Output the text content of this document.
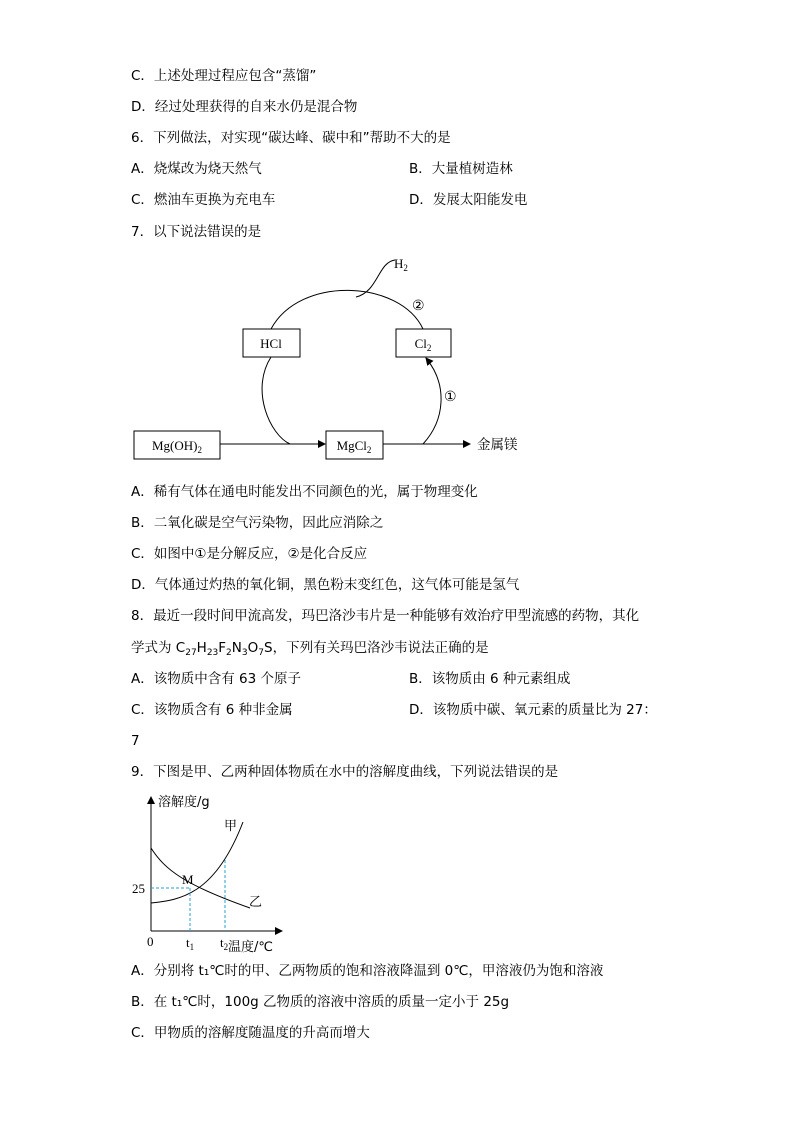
C．上述处理过程应包含“蒸馏”
D．经过处理获得的自来水仍是混合物
6．下列做法，对实现“碳达峰、碳中和”帮助不大的是
A．烧煤改为烧天然气	B．大量植树造林
C．燃油车更换为充电车	D．发展太阳能发电
7．以下说法错误的是
HCl	$Cl_2$
$Mg(OH)_2$	MgCl$_2$
$H_2$
②
①
金属镁
A．稀有气体在通电时能发出不同颜色的光，属于物理变化
B．二氧化碳是空气污染物，因此应消除之
C．如图中①是分解反应，②是化合反应
D．气体通过灼热的氧化铜，黑色粉末变红色，这气体可能是氢气
8．最近一段时间甲流高发，玛巴洛沙韦片是一种能够有效治疗甲型流感的药物，其化
学式为 $C_{27}H_{23}F_2N_3O_7S$，下列有关玛巴洛沙韦说法正确的是
A．该物质中含有 63 个原子	B．该物质由 6 种元素组成
C．该物质含有 6 种非金属	D．该物质中碳、氧元素的质量比为 27：
7
9．下图是甲、乙两种固体物质在水中的溶解度曲线，下列说法错误的是
溶解度/g
温度/℃
0
25
$t_1$ $t_2$
M
甲
乙
A．分别将 t₁℃时的甲、乙两物质的饱和溶液降温到 0℃，甲溶液仍为饱和溶液
B．在 t₁℃时，100g 乙物质的溶液中溶质的质量一定小于 25g
C．甲物质的溶解度随温度的升高而增大
